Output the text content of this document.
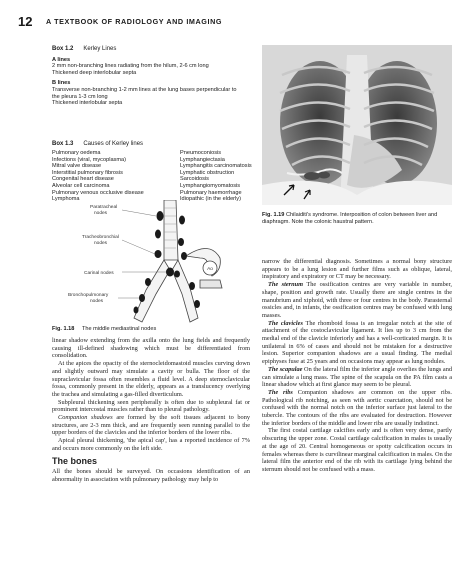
12 A TEXTBOOK OF RADIOLOGY AND IMAGING
Box 1.2 Kerley Lines
A lines
2 mm non-branching lines radiating from the hilum, 2-6 cm long
Thickened deep interlobular septa
B lines
Transverse non-branching 1-2 mm lines at the lung bases perpendicular to
the pleura 1-3 cm long
Thickened interlobular septa
Box 1.3 Causes of Kerley lines
Pulmonary oedema
Infections (viral, mycoplasma)
Mitral valve disease
Interstitial pulmonary fibrosis
Congenital heart disease
Alveolar cell carcinoma
Pulmonary venous occlusive disease
Lymphoma
Pneumoconiosis
Lymphangiectasia
Lymphangitis carcinomatosis
Lymphatic obstruction
Sarcoidosis
Lymphangiomyomatosis
Pulmonary haemorrhage
Idiopathic (in the elderly)
Fig. 1.19 Chilaiditi's syndrome. Interposition of colon between liver and diaphragm. Note the colonic haustral pattern.
Ao
Paratracheal
nodes
Tracheobronchial
nodes
Carinal nodes
Bronchopulmonary
nodes
Fig. 1.18 The middle mediastinal nodes

linear shadow extending from the axilla onto the lung fields and frequently causing ill-defined shadowing which must be differentiated from consolidation.

At the apices the opacity of the sternocleidomastoid muscles curving down and slightly outward may simulate a cavity or bulla. The floor of the supraclavicular fossa often resembles a fluid level. A deep sternoclavicular fossa, commonly present in the elderly, appears as a translucency overlying the trachea and simulating a gas-filled diverticulum.

Subpleural thickening seen peripherally is often due to subpleural fat or prominent intercostal muscles rather than to pleural pathology.

Companion shadows are formed by the soft tissues adjacent to bony structures, are 2-3 mm thick, and are frequently seen running parallel to the upper borders of the clavicles and the inferior borders of the lower ribs.

Apical pleural thickening, 'the apical cap', has a reported incidence of 7% and occurs more commonly on the left side.

The bones

All the bones should be surveyed. On occasions identification of an abnormality in association with pulmonary pathology may help to

narrow the differential diagnosis. Sometimes a normal bony structure appears to be a lung lesion and further films such as oblique, lateral, inspiratory and expiratory or CT may be necessary.

The sternum The ossification centres are very variable in number, shape, position and growth rate. Usually there are single centres in the manubrium and xiphoid, with three or four centres in the body. Parasternal ossicles and, in infants, the ossification centres may be confused with lung masses.

The clavicles The rhomboid fossa is an irregular notch at the site of attachment of the costoclavicular ligament. It lies up to 3 cm from the medial end of the clavicle inferiorly and has a well-corticated margin. It is unilateral in 6% of cases and should not be mistaken for a destructive lesion. Superior companion shadows are a usual finding. The medial epiphyses fuse at 25 years and on occasions may appear as lung nodules.

The scapulae On the lateral film the inferior angle overlies the lungs and can simulate a lung mass. The spine of the scapula on the PA film casts a linear shadow which at first glance may seem to be pleural.

The ribs Companion shadows are common on the upper ribs. Pathological rib notching, as seen with aortic coarctation, should not be confused with the normal notch on the inferior surface just lateral to the tubercle. The contours of the ribs are evaluated for destruction. However the inferior borders of the middle and lower ribs are usually indistinct.

The first costal cartilage calcifies early and is often very dense, partly obscuring the upper zone. Costal cartilage calcification in males is usually at the age of 20. Central homogeneous or spotty calcification occurs in females whereas there is curvilinear marginal calcification in males. On the lateral film the anterior end of the rib with its cartilage lying behind the sternum should not be confused with a mass.
